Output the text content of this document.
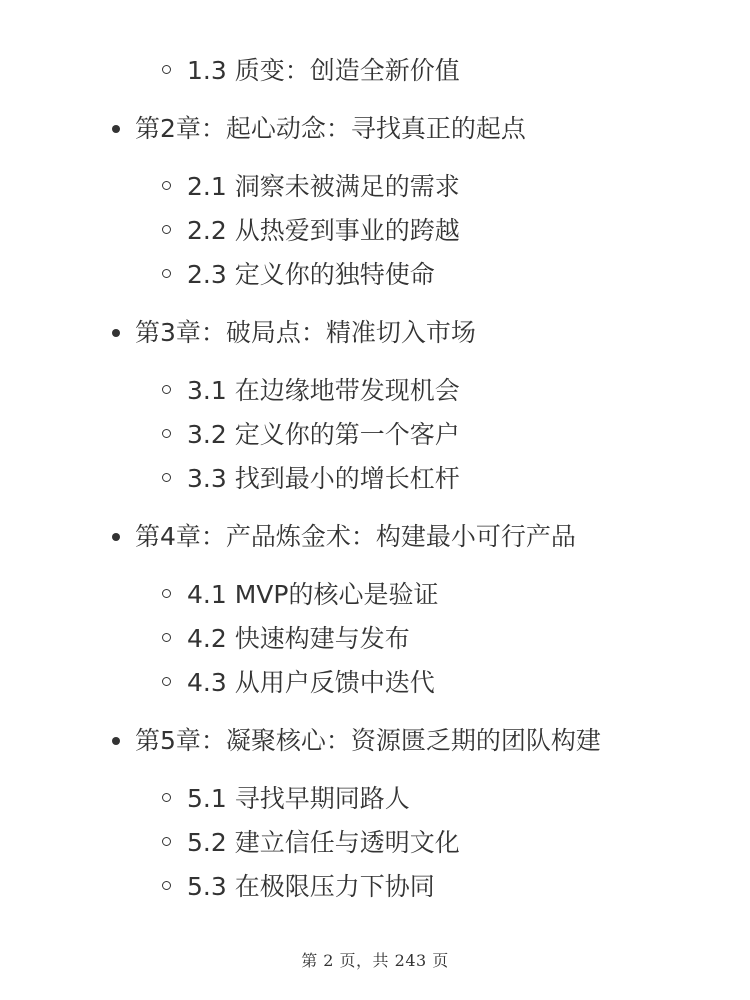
1.3 质变：创造全新价值
第2章：起心动念：寻找真正的起点
2.1 洞察未被满足的需求
2.2 从热爱到事业的跨越
2.3 定义你的独特使命
第3章：破局点：精准切入市场
3.1 在边缘地带发现机会
3.2 定义你的第一个客户
3.3 找到最小的增长杠杆
第4章：产品炼金术：构建最小可行产品
4.1 MVP的核心是验证
4.2 快速构建与发布
4.3 从用户反馈中迭代
第5章：凝聚核心：资源匮乏期的团队构建
5.1 寻找早期同路人
5.2 建立信任与透明文化
5.3 在极限压力下协同
第 2 页，共 243 页
